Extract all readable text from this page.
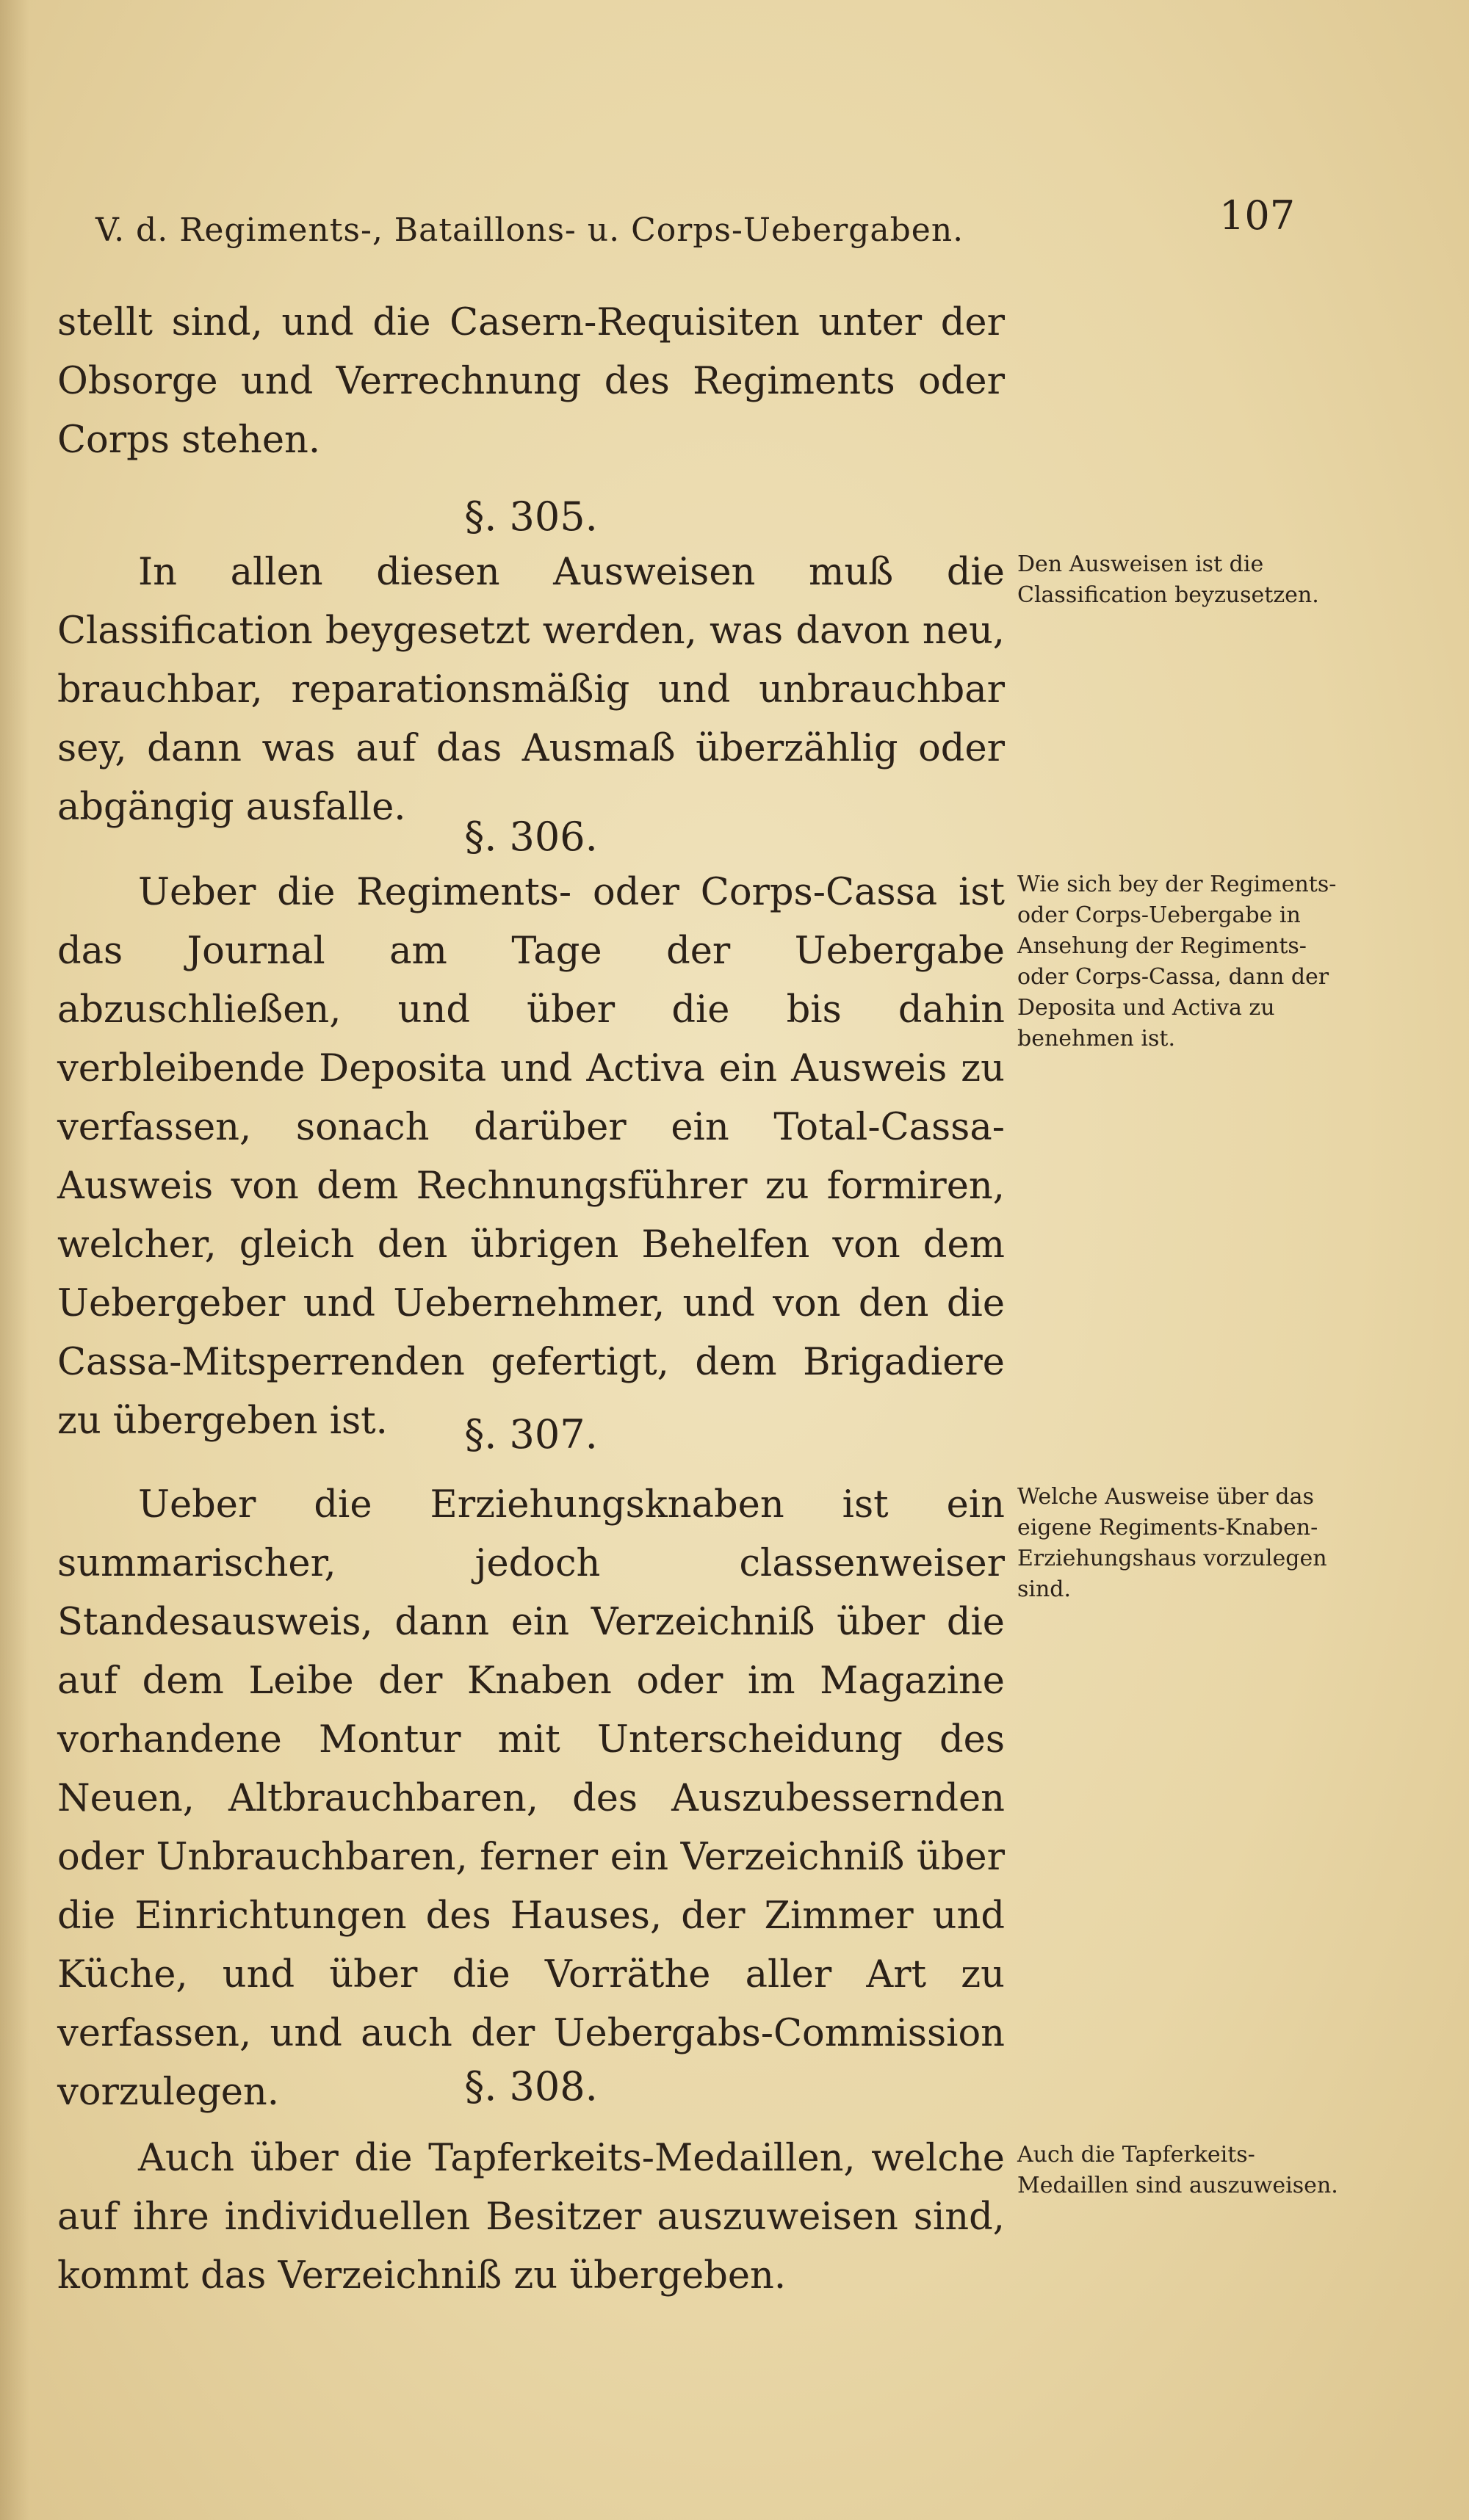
V. d. Regiments-, Bataillons- u. Corps-Uebergaben.	107

stellt sind, und die Casern-Requisiten unter der Obsorge und Verrechnung des Regiments oder Corps stehen.

§. 305.

In allen diesen Ausweisen muß die Classification beygesetzt werden, was davon neu, brauchbar, reparationsmäßig und unbrauchbar sey, dann was auf das Ausmaß überzählig oder abgängig ausfalle.

Den Ausweisen ist die Classification beyzusetzen.
§. 306.

Ueber die Regiments- oder Corps-Cassa ist das Journal am Tage der Uebergabe abzuschließen, und über die bis dahin verbleibende Deposita und Activa ein Ausweis zu verfassen, sonach darüber ein Total-Cassa-Ausweis von dem Rechnungsführer zu formiren, welcher, gleich den übrigen Behelfen von dem Uebergeber und Uebernehmer, und von den die Cassa-Mitsperrenden gefertigt, dem Brigadiere zu übergeben ist.

Wie sich bey der Regiments- oder Corps-Uebergabe in Ansehung der Regiments- oder Corps-Cassa, dann der Deposita und Activa zu benehmen ist.
§. 307.

Ueber die Erziehungsknaben ist ein summarischer, jedoch classenweiser Standesausweis, dann ein Verzeichniß über die auf dem Leibe der Knaben oder im Magazine vorhandene Montur mit Unterscheidung des Neuen, Altbrauchbaren, des Auszubessernden oder Unbrauchbaren, ferner ein Verzeichniß über die Einrichtungen des Hauses, der Zimmer und Küche, und über die Vorräthe aller Art zu verfassen, und auch der Uebergabs-Commission vorzulegen.

Welche Ausweise über das eigene Regiments-Knaben-Erziehungshaus vorzulegen sind.
§. 308.

Auch über die Tapferkeits-Medaillen, welche auf ihre individuellen Besitzer auszuweisen sind, kommt das Verzeichniß zu übergeben.

Auch die Tapferkeits-Medaillen sind auszuweisen.
